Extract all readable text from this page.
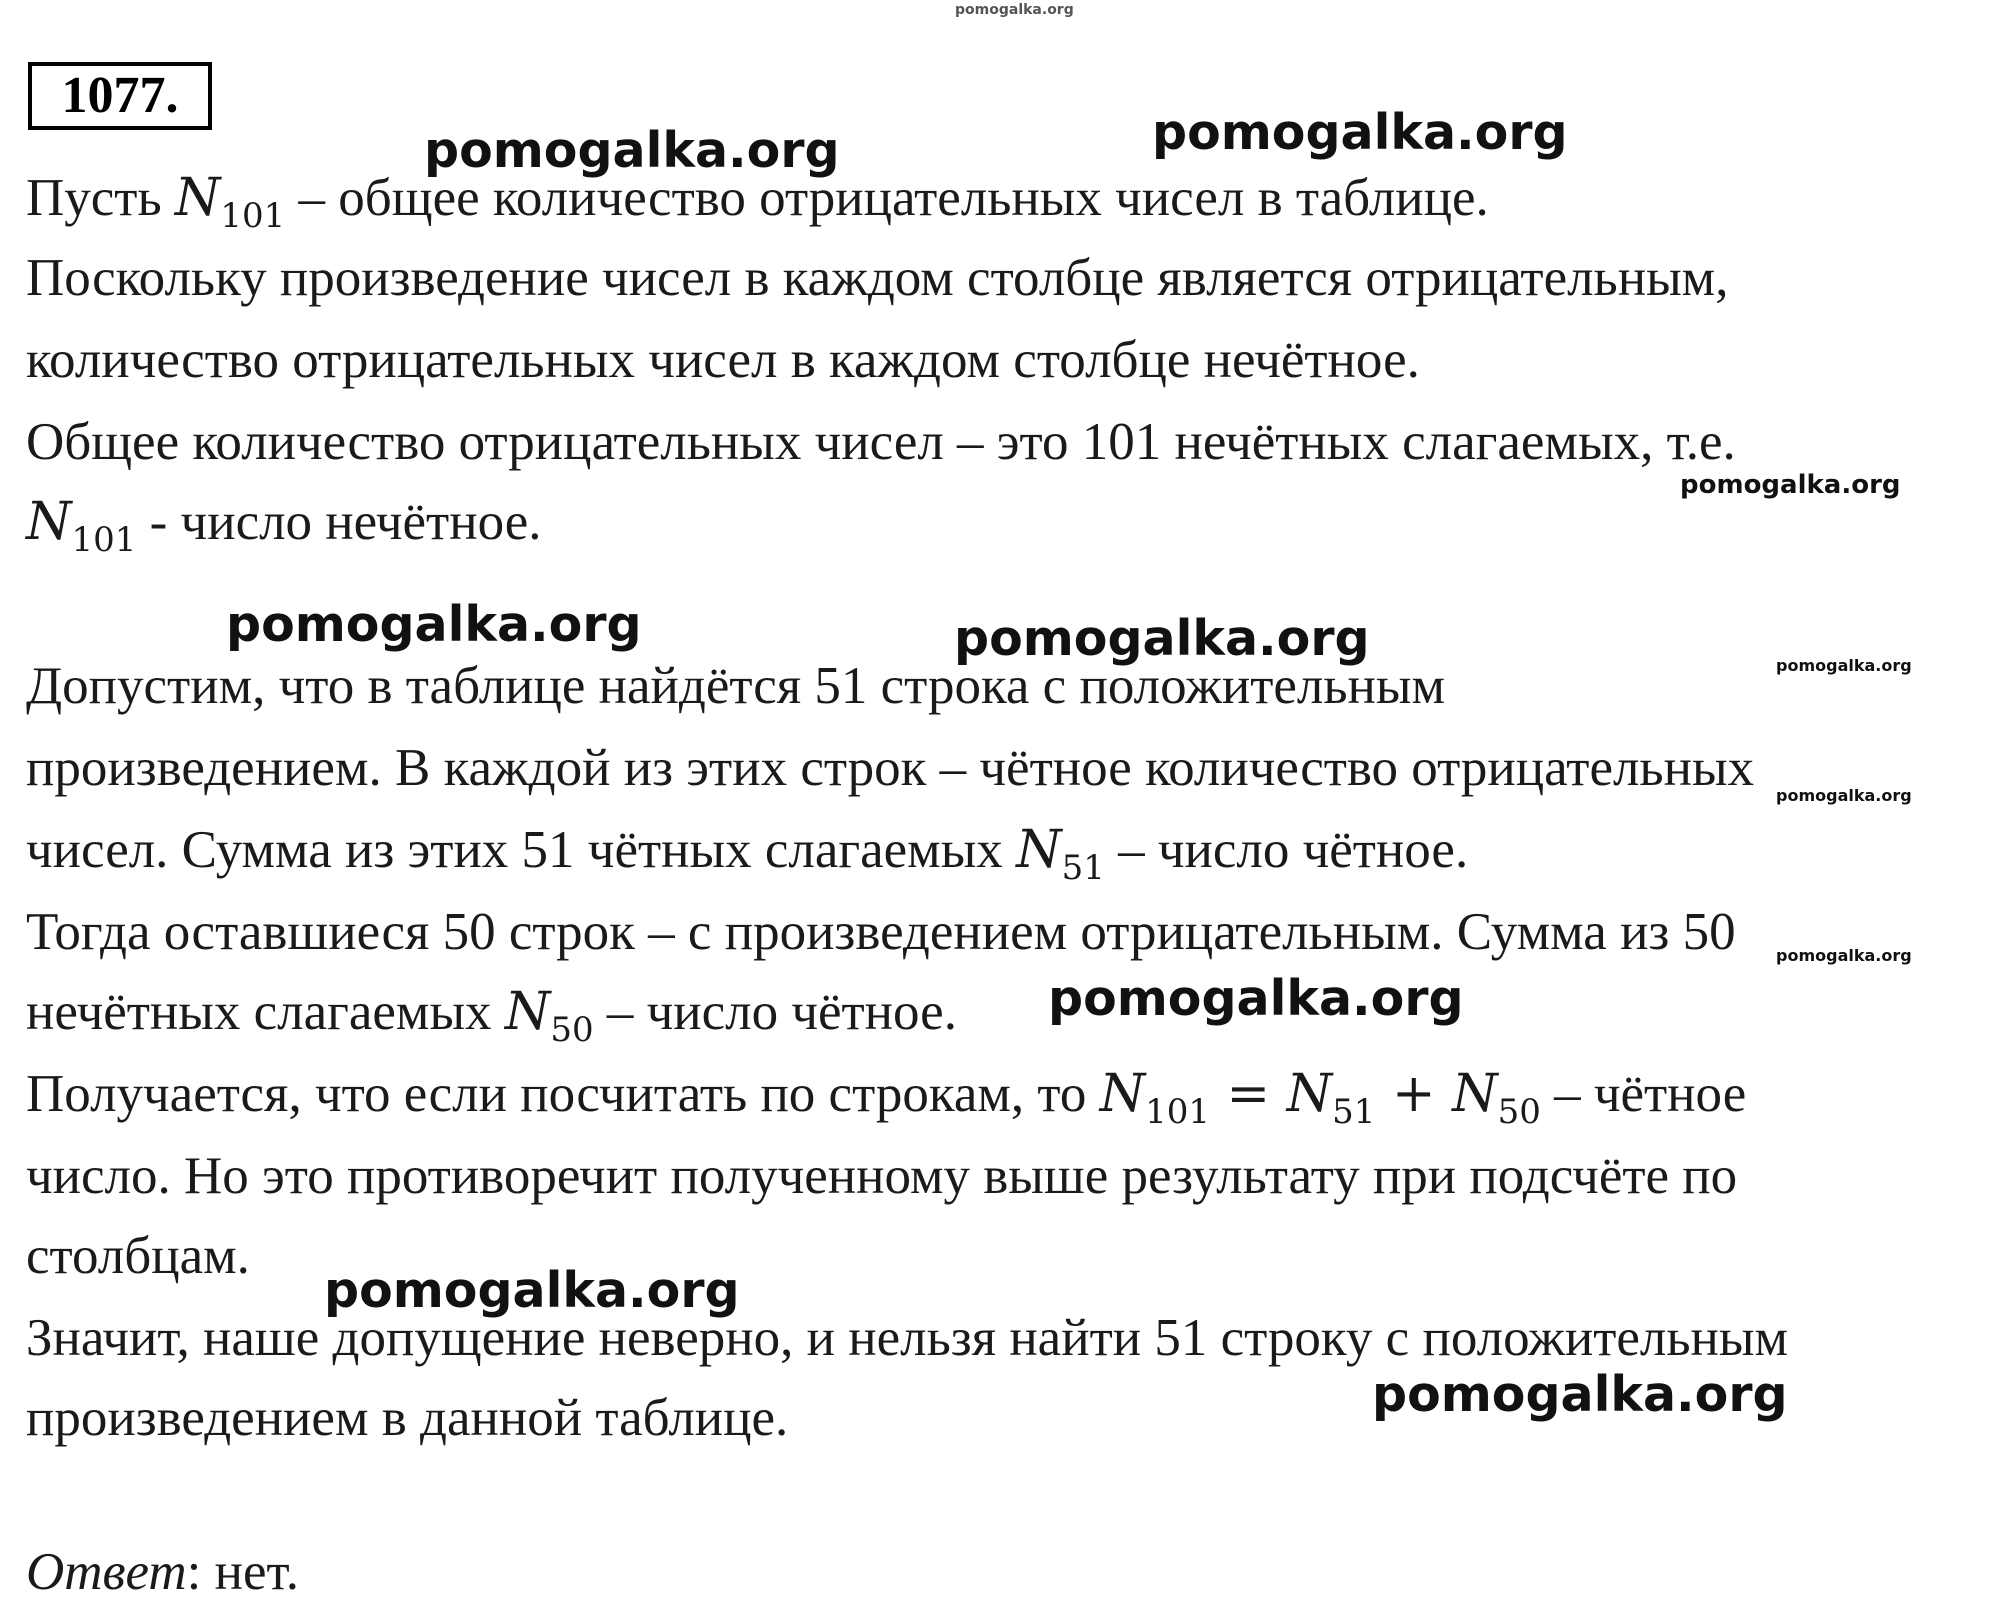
pomogalka.org
1077.
Пусть $N_{101}$ – общее количество отрицательных чисел в таблице.
Поскольку произведение чисел в каждом столбце является отрицательным,
количество отрицательных чисел в каждом столбце нечётное.
Общее количество отрицательных чисел – это 101 нечётных слагаемых, т.е.
$N_{101}$ - число нечётное.
Допустим, что в таблице найдётся 51 строка с положительным
произведением. В каждой из этих строк – чётное количество отрицательных
чисел. Сумма из этих 51 чётных слагаемых $N_{51}$ – число чётное.
Тогда оставшиеся 50 строк – с произведением отрицательным. Сумма из 50
нечётных слагаемых $N_{50}$ – число чётное.
Получается, что если посчитать по строкам, то $N_{101} = N_{51} + N_{50}$ – чётное
число. Но это противоречит полученному выше результату при подсчёте по
столбцам.
Значит, наше допущение неверно, и нельзя найти 51 строку с положительным
произведением в данной таблице.
Ответ: нет.
pomogalka.org	pomogalka.org
pomogalka.org
pomogalka.org	pomogalka.org	pomogalka.org
pomogalka.org
pomogalka.org
pomogalka.org
pomogalka.org
pomogalka.org
